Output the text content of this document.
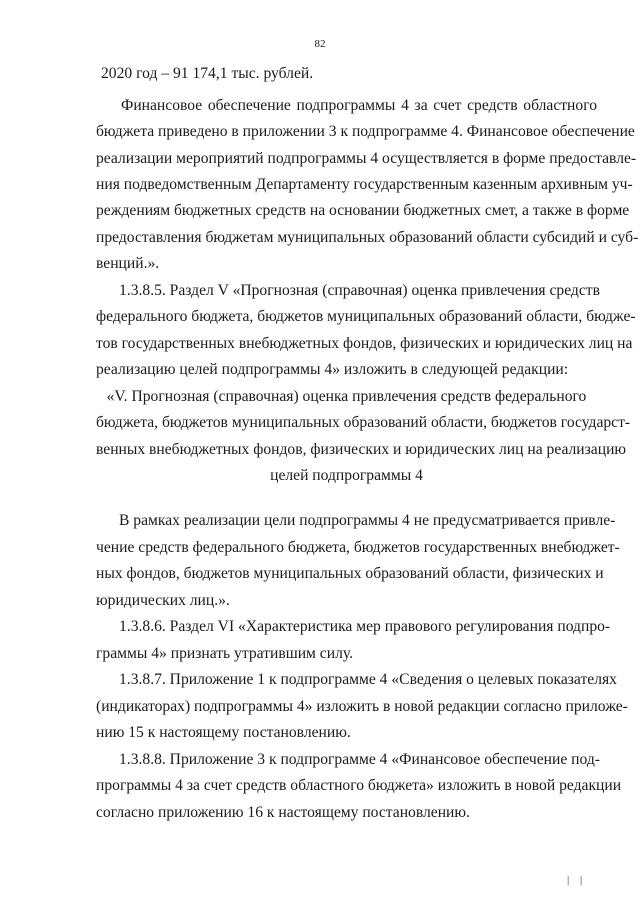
82
2020 год – 91 174,1 тыс. рублей.
Финансовое обеспечение подпрограммы 4 за счет средств областного
бюджета приведено в приложении 3 к подпрограмме 4. Финансовое обеспечение
реализации мероприятий подпрограммы 4 осуществляется в форме предоставле-
ния подведомственным Департаменту государственным казенным архивным уч-
реждениям бюджетных средств на основании бюджетных смет, а также в форме
предоставления бюджетам муниципальных образований области субсидий и суб-
венций.».
1.3.8.5. Раздел V «Прогнозная (справочная) оценка привлечения средств
федерального бюджета, бюджетов муниципальных образований области, бюдже-
тов государственных внебюджетных фондов, физических и юридических лиц на
реализацию целей подпрограммы 4» изложить в следующей редакции:
«V. Прогнозная (справочная) оценка привлечения средств федерального
бюджета, бюджетов муниципальных образований области, бюджетов государст-
венных внебюджетных фондов, физических и юридических лиц на реализацию
целей подпрограммы 4
В рамках реализации цели подпрограммы 4 не предусматривается привле-
чение средств федерального бюджета, бюджетов государственных внебюджет-
ных фондов, бюджетов муниципальных образований области, физических и
юридических лиц.».
1.3.8.6. Раздел VI «Характеристика мер правового регулирования подпро-
граммы 4» признать утратившим силу.
1.3.8.7. Приложение 1 к подпрограмме 4 «Сведения о целевых показателях
(индикаторах) подпрограммы 4» изложить в новой редакции согласно приложе-
нию 15 к настоящему постановлению.
1.3.8.8. Приложение 3 к подпрограмме 4 «Финансовое обеспечение под-
программы 4 за счет средств областного бюджета» изложить в новой редакции
согласно приложению 16 к настоящему постановлению.
| |
